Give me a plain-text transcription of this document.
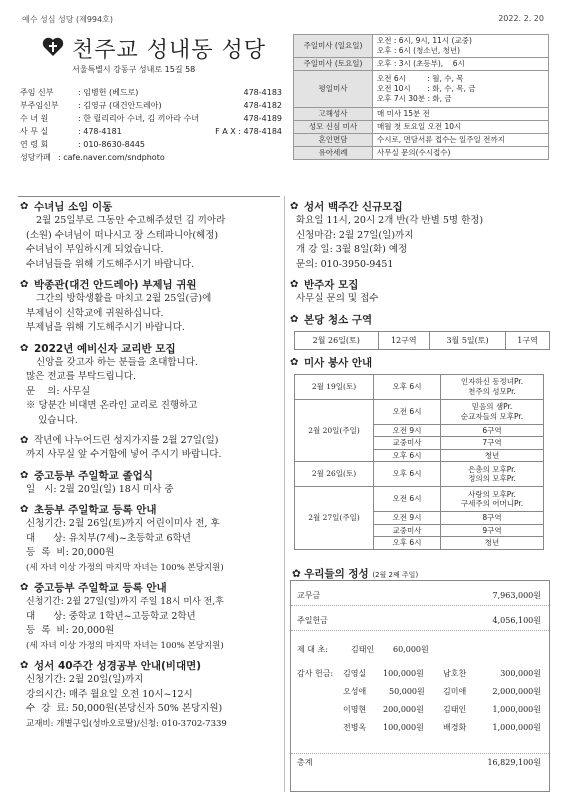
예수 성심 성당 (제994호)	2022. 2. 20
천주교 성내동 성당
서울특별시 강동구 성내로 15길 58
주임 신부	: 임병헌 (베드로)	478-4183
부주임신부 : 김영규 (대건안드레아)	478-4182
수 녀 원	: 한 릴리리아 수녀, 김 끼아라 수녀	478-4189
사 무 실	: 478-4181	F A X : 478-4184
연 령 회	: 010-8630-8445
성당카페 : cafe.naver.com/sndphoto
주일미사 (일요일)	오전 : 6시, 9시, 11시 (교중)
오후 : 6시 (청소년, 청년)
주일미사 (토요일)	오후 : 3시 (초등부),    6시
평일미사	오전 6시         : 월, 수, 목
오전 10시       : 화, 수, 목, 금
오후 7시 30분 : 화, 금
고해성사	매 미사 15분 전
성모 신심 미사	매월 첫 토요일 오전 10시
혼인면담	수시로, 면담서류 접수는 일주일 전까지
유아세례	사무실 문의(수시접수)

✿ 수녀님 소임 이동

2월 25일부로 그동안 수고해주셨던 김 끼아라

(소원) 수녀님이 떠나시고 장 스테파니아(헤정)

수녀님이 부임하시게 되었습니다.

수녀님들을 위해 기도해주시기 바랍니다.

✿ 박종관(대건 안드레아) 부제님 귀원

그간의 방학생활을 마치고 2월 25일(금)에

부제님이 신학교에 귀원하십니다.

부제님을 위해 기도해주시기 바랍니다.

✿ 2022년 예비신자 교리반 모집

신앙을 갖고자 하는 분들을 초대합니다.

많은 전교를 부탁드립니다.

문    의: 사무실

※ 당분간 비대면 온라인 교리로 진행하고

있습니다.

✿ 작년에 나누어드린 성지가지를 2월 27일(일)

까지 사무실 앞 수거함에 넣어 주시기 바랍니다.

✿ 중고등부 주일학교 졸업식

일   시: 2월 20일(일) 18시 미사 중

✿ 초등부 주일학교 등록 안내

신청기간: 2월 26일(토)까지 어린이미사 전, 후

대      상: 유치부(7세)~초등학교 6학년

등  록  비: 20,000원

(세 자녀 이상 가정의 마지막 자녀는 100% 본당지원)

✿ 중고등부 주일학교 등록 안내

신청기간: 2월 27일(일)까지 주일 18시 미사 전,후

대      상: 중학교 1학년~고등학교 2학년

등  록  비: 20,000원

(세 자녀 이상 가정의 마지막 자녀는 100% 본당지원)

✿ 성서 40주간 성경공부 안내(비대면)

신청기간: 2월 20일(일)까지

강의시간: 매주 월요일 오전 10시~12시

수  강  료: 50,000원(본당신자 50% 본당지원)

교재비: 개별구입(성바오로딸)/신청: 010-3702-7339

✿ 성서 백주간 신규모집

화요일 11시, 20시 2개 반(각 반별 5명 한정)

신청마감: 2월 27일(일)까지

개 강 일: 3월 8일(화) 예정

문의: 010-3950-9451

✿ 반주자 모집

사무실 문의 및 접수

✿ 본당 청소 구역

2월 26일(토)	12구역	3월 5일(토)	1구역

✿ 미사 봉사 안내

2월 19일(토)	오후 6시	인자하신 동정녀Pr.
천주의 성모Pr.
2월 20일(주일)	오전 6시	믿음의 샘Pr.
순교자들의 모후Pr.
	오전 9시	6구역
	교중미사	7구역
	오후 6시	청년
2월 26일(토)	오후 6시	은총의 모후Pr.
정의의 모후Pr.
2월 27일(주일)	오전 6시	사랑의 모후Pr.
구세주의 어머니Pr.
	오전 9시	8구역
	교중미사	9구역
	오후 6시	청년
✿ 우리들의 정성 (2월 2째 주일)
교무금	7,963,000원
주일헌금	4,056,100원
제 대 초:	김태인 60,000원
감사 헌금: 김영실 100,000원 남호찬	300,000원
오성애	50,000원 김미애	2,000,000원
이명현 200,000원 김태인	1,000,000원
전병옥 100,000원 배경화	1,000,000원
총계	16,829,100원
